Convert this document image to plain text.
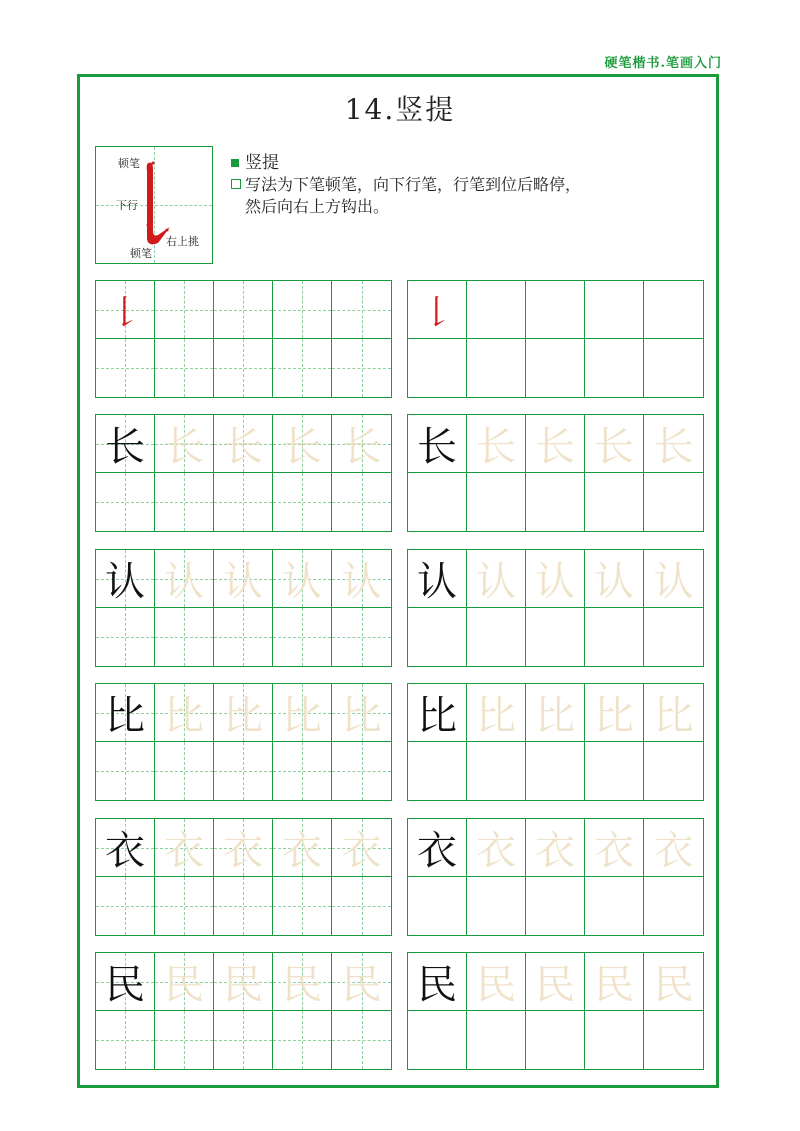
硬笔楷书.笔画入门
14.竖提
顿笔
下行
右上挑
顿笔
竖提
写法为下笔顿笔，向下行笔，行笔到位后略停，
然后向右上方钩出。
𠄌	𠄌
长 长 长 长 长 长 长 长 长 长
认 认 认 认 认 认 认 认 认 认
比 比 比 比 比 比 比 比 比 比
衣 衣 衣 衣 衣 衣 衣 衣 衣 衣
民 民 民 民 民 民 民 民 民 民
